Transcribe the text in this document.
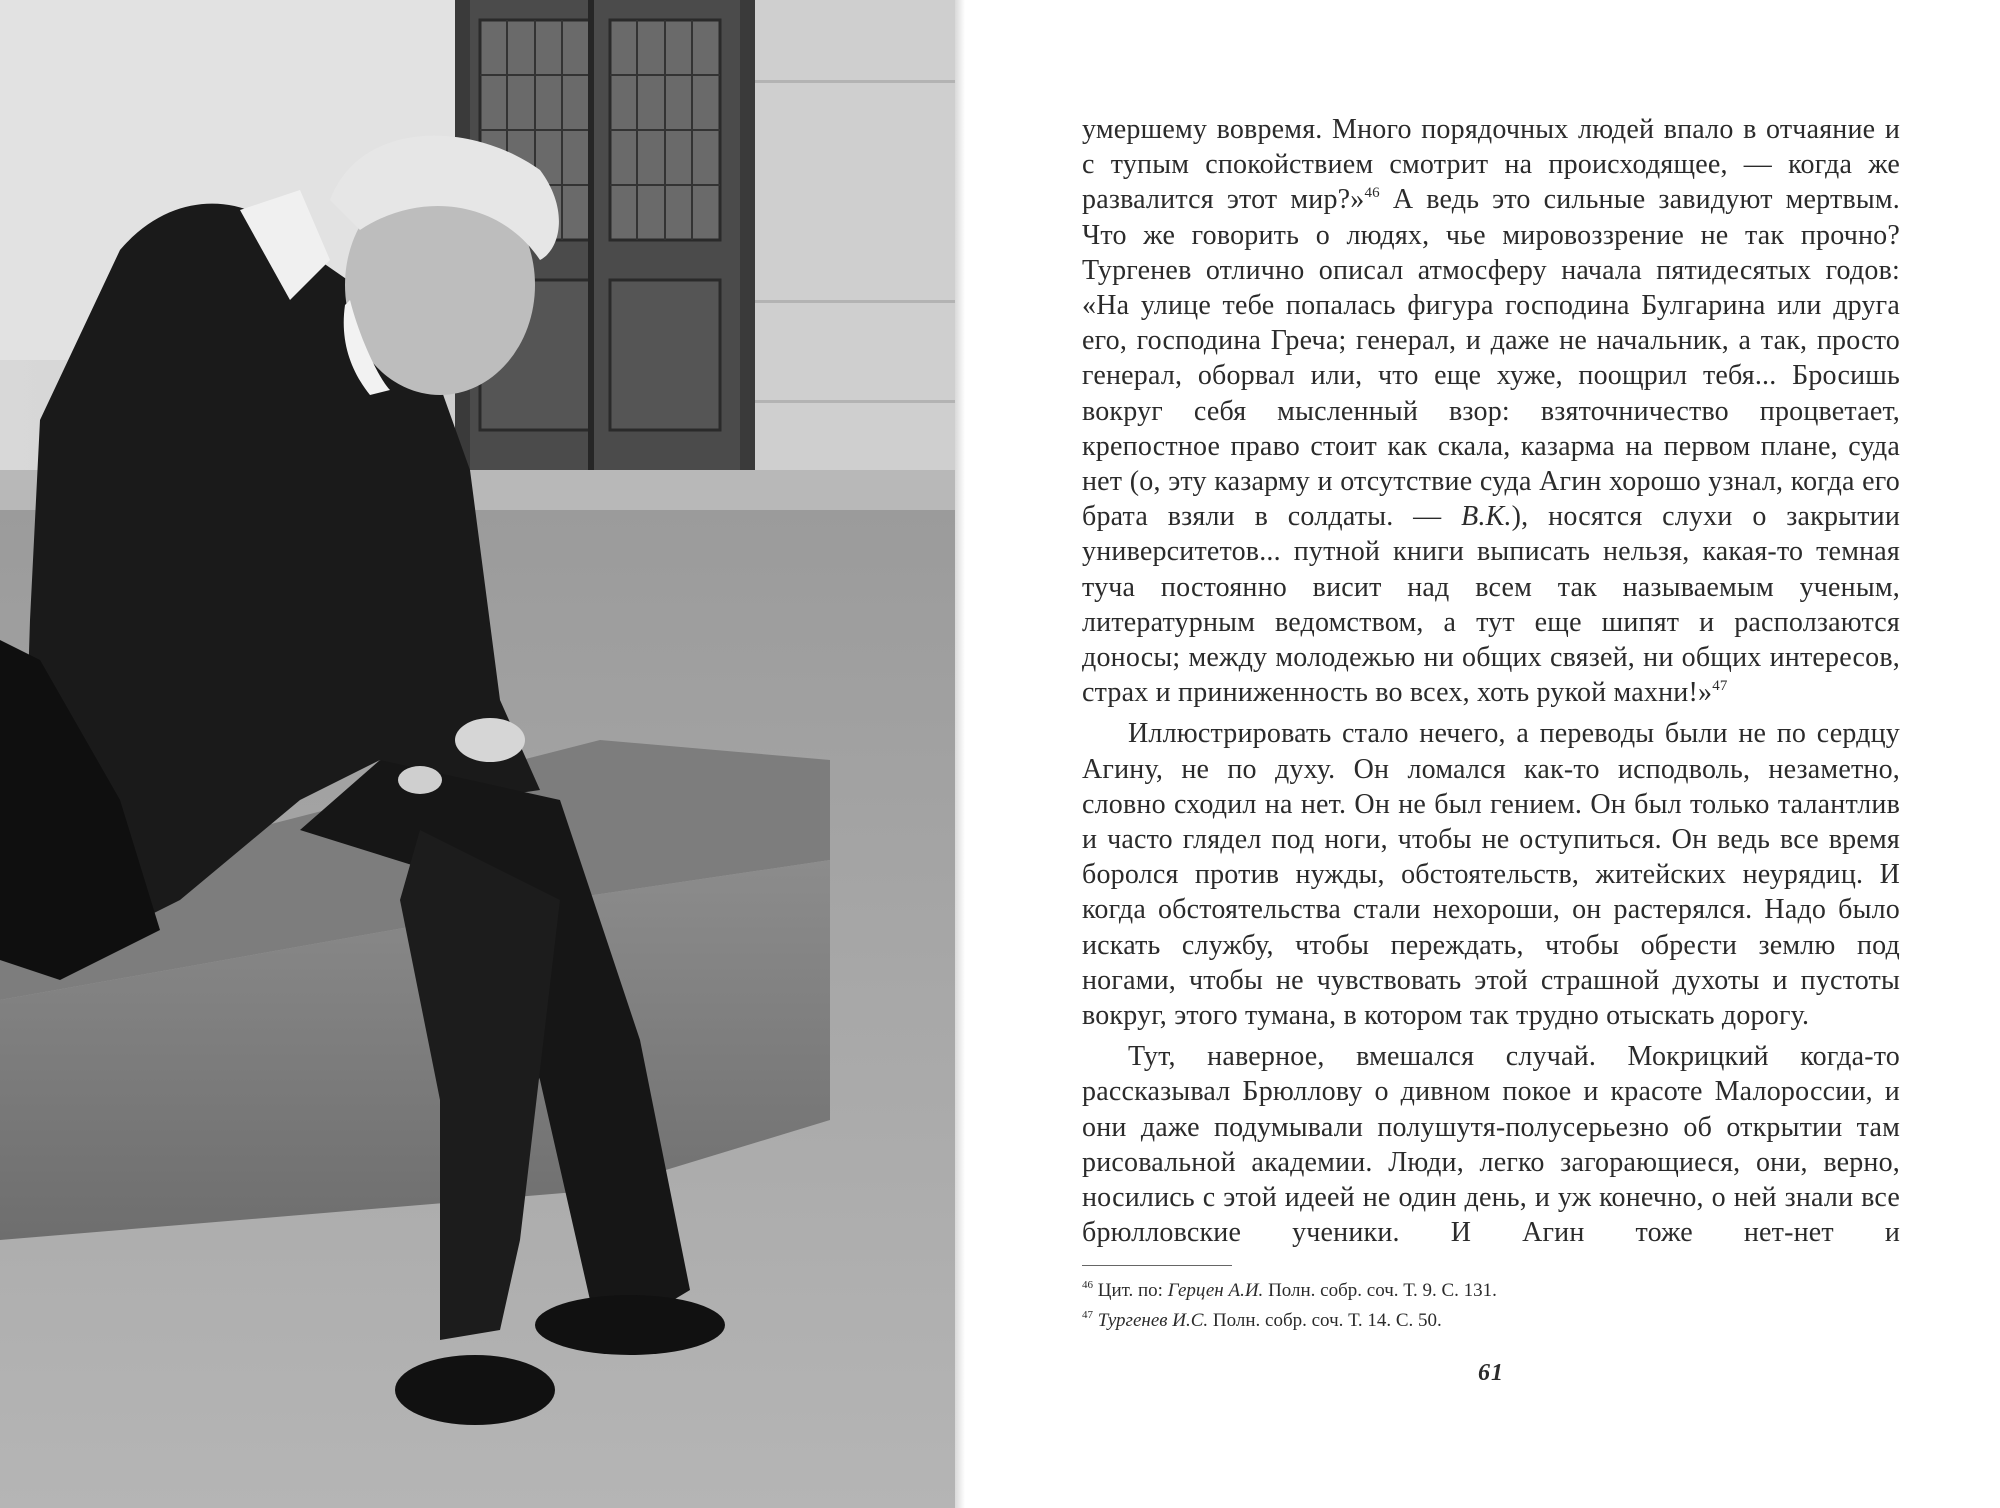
умершему вовремя. Много порядочных людей впало в отчаяние и с тупым спокойствием смотрит на происходящее, — когда же развалится этот мир?»$^{46}$ А ведь это сильные завидуют мертвым. Что же говорить о людях, чье мировоззрение не так прочно? Тургенев отлично описал атмосферу начала пятидесятых годов: «На улице тебе попалась фигура господина Булгарина или друга его, господина Греча; генерал, и даже не начальник, а так, просто генерал, оборвал или, что еще хуже, поощрил тебя... Бросишь вокруг себя мысленный взор: взяточничество процветает, крепостное право стоит как скала, казарма на первом плане, суда нет (о, эту казарму и отсутствие суда Агин хорошо узнал, когда его брата взяли в солдаты. — В.К.), носятся слухи о закрытии университетов... путной книги выписать нельзя, какая-то темная туча постоянно висит над всем так называемым ученым, литературным ведомством, а тут еще шипят и расползаются доносы; между молодежью ни общих связей, ни общих интересов, страх и приниженность во всех, хоть рукой махни!»$^{47}$

Иллюстрировать стало нечего, а переводы были не по сердцу Агину, не по духу. Он ломался как-то исподволь, незаметно, словно сходил на нет. Он не был гением. Он был только талантлив и часто глядел под ноги, чтобы не оступиться. Он ведь все время боролся против нужды, обстоятельств, житейских неурядиц. И когда обстоятельства стали нехороши, он растерялся. Надо было искать службу, чтобы переждать, чтобы обрести землю под ногами, чтобы не чувствовать этой страшной духоты и пустоты вокруг, этого тумана, в котором так трудно отыскать дорогу.

Тут, наверное, вмешался случай. Мокрицкий когда-то рассказывал Брюллову о дивном покое и красоте Малороссии, и они даже подумывали полушутя-полусерьезно об открытии там рисовальной академии. Люди, легко загорающиеся, они, верно, носились с этой идеей не один день, и уж конечно, о ней знали все брюлловские ученики. И Агин тоже нет-нет и

$^{46}$ Цит. по: Герцен А.И. Полн. собр. соч. Т. 9. С. 131.

$^{47}$ Тургенев И.С. Полн. собр. соч. Т. 14. С. 50.

61
